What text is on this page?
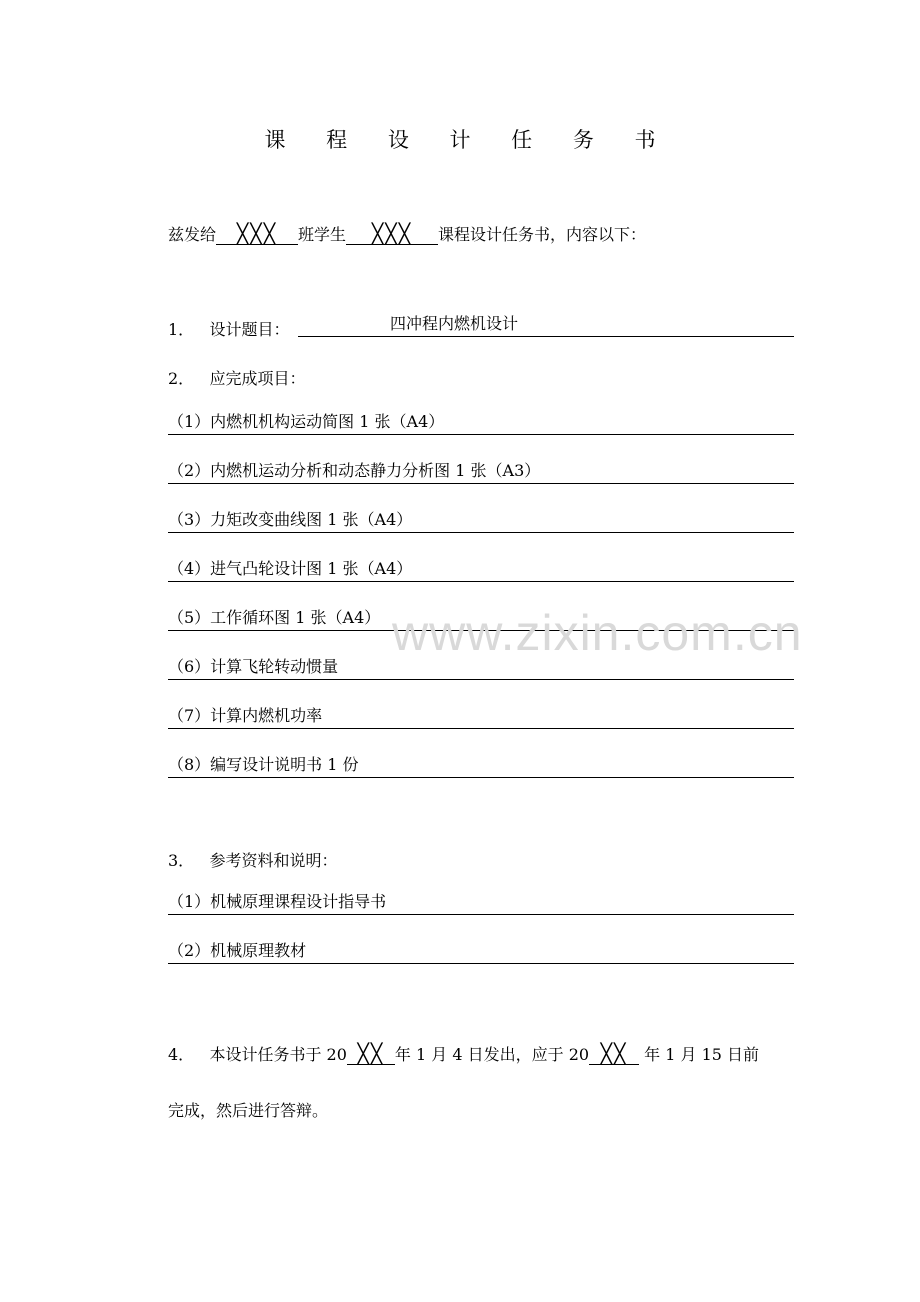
课 程 设 计 任 务 书
兹发给 ╳╳╳ 班学生 ╳╳╳ 课程设计任务书，内容以下：
1． 设计题目：	四冲程内燃机设计
2． 应完成项目：
（1）内燃机机构运动简图 1 张（A4）
（2）内燃机运动分析和动态静力分析图 1 张（A3）
（3）力矩改变曲线图 1 张（A4）
（4）进气凸轮设计图 1 张（A4）
（5）工作循环图 1 张（A4）
（6）计算飞轮转动惯量
（7）计算内燃机功率
（8）编写设计说明书 1 份
3． 参考资料和说明：
（1）机械原理课程设计指导书
（2）机械原理教材
4． 本设计任务书于 20 ╳╳ 年 1 月 4 日发出，应于 20 ╳╳ 年 1 月 15 日前
完成，然后进行答辩。
www.zixin.com.cn
